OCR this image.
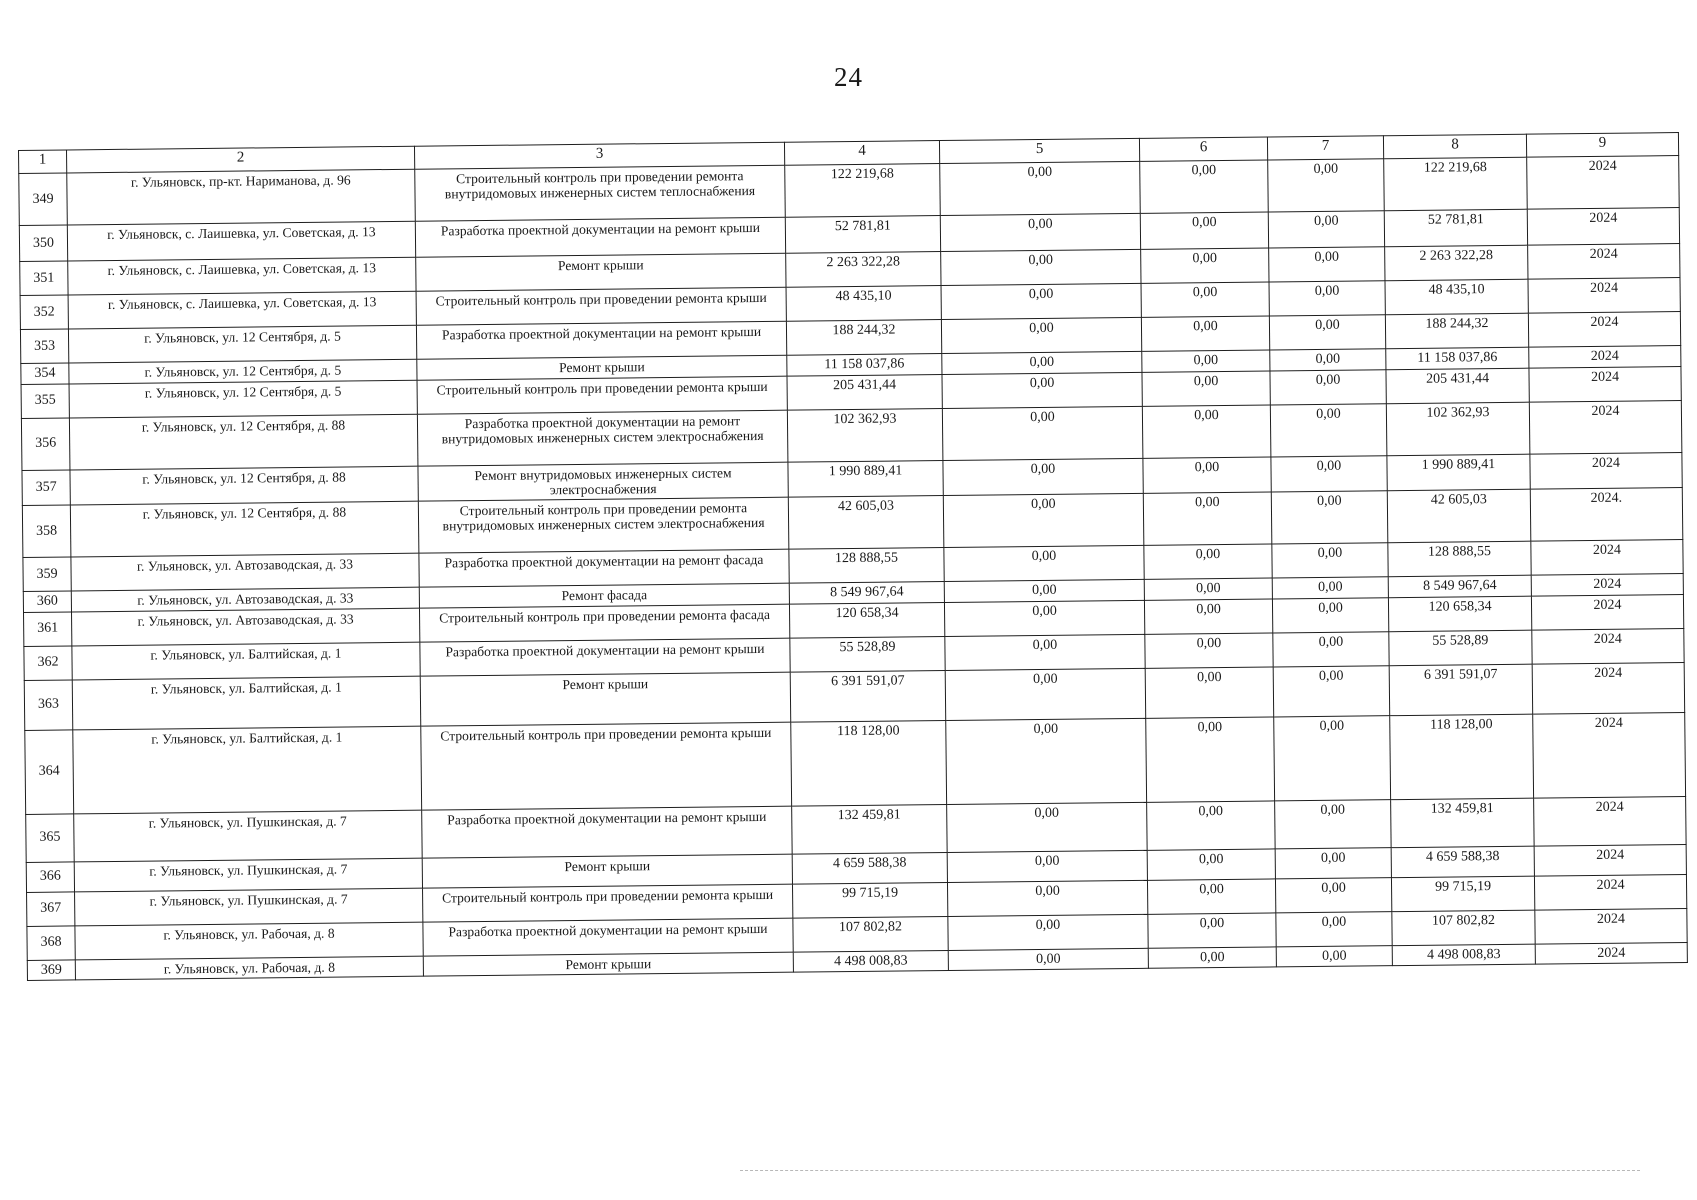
24
1	2	3	4	5	6	7	8	9
349	г. Ульяновск, пр-кт. Нариманова, д. 96	Строительный контроль при проведении ремонта внутридомовых инженерных систем теплоснабжения	122 219,68	0,00	0,00	0,00	122 219,68	2024
350	г. Ульяновск, с. Лаишевка, ул. Советская, д. 13	Разработка проектной документации на ремонт крыши	52 781,81	0,00	0,00	0,00	52 781,81	2024
351	г. Ульяновск, с. Лаишевка, ул. Советская, д. 13	Ремонт крыши	2 263 322,28	0,00	0,00	0,00	2 263 322,28	2024
352	г. Ульяновск, с. Лаишевка, ул. Советская, д. 13	Строительный контроль при проведении ремонта крыши	48 435,10	0,00	0,00	0,00	48 435,10	2024
353	г. Ульяновск, ул. 12 Сентября, д. 5	Разработка проектной документации на ремонт крыши	188 244,32	0,00	0,00	0,00	188 244,32	2024
354	г. Ульяновск, ул. 12 Сентября, д. 5	Ремонт крыши	11 158 037,86	0,00	0,00	0,00	11 158 037,86	2024
355	г. Ульяновск, ул. 12 Сентября, д. 5	Строительный контроль при проведении ремонта крыши	205 431,44	0,00	0,00	0,00	205 431,44	2024
356	г. Ульяновск, ул. 12 Сентября, д. 88	Разработка проектной документации на ремонт внутридомовых инженерных систем электроснабжения	102 362,93	0,00	0,00	0,00	102 362,93	2024
357	г. Ульяновск, ул. 12 Сентября, д. 88	Ремонт внутридомовых инженерных систем электроснабжения	1 990 889,41	0,00	0,00	0,00	1 990 889,41	2024
358	г. Ульяновск, ул. 12 Сентября, д. 88	Строительный контроль при проведении ремонта внутридомовых инженерных систем электроснабжения	42 605,03	0,00	0,00	0,00	42 605,03	2024.
359	г. Ульяновск, ул. Автозаводская, д. 33	Разработка проектной документации на ремонт фасада	128 888,55	0,00	0,00	0,00	128 888,55	2024
360	г. Ульяновск, ул. Автозаводская, д. 33	Ремонт фасада	8 549 967,64	0,00	0,00	0,00	8 549 967,64	2024
361	г. Ульяновск, ул. Автозаводская, д. 33	Строительный контроль при проведении ремонта фасада	120 658,34	0,00	0,00	0,00	120 658,34	2024
362	г. Ульяновск, ул. Балтийская, д. 1	Разработка проектной документации на ремонт крыши	55 528,89	0,00	0,00	0,00	55 528,89	2024
363	г. Ульяновск, ул. Балтийская, д. 1	Ремонт крыши	6 391 591,07	0,00	0,00	0,00	6 391 591,07	2024
364	г. Ульяновск, ул. Балтийская, д. 1	Строительный контроль при проведении ремонта крыши	118 128,00	0,00	0,00	0,00	118 128,00	2024
365	г. Ульяновск, ул. Пушкинская, д. 7	Разработка проектной документации на ремонт крыши	132 459,81	0,00	0,00	0,00	132 459,81	2024
366	г. Ульяновск, ул. Пушкинская, д. 7	Ремонт крыши	4 659 588,38	0,00	0,00	0,00	4 659 588,38	2024
367	г. Ульяновск, ул. Пушкинская, д. 7	Строительный контроль при проведении ремонта крыши	99 715,19	0,00	0,00	0,00	99 715,19	2024
368	г. Ульяновск, ул. Рабочая, д. 8	Разработка проектной документации на ремонт крыши	107 802,82	0,00	0,00	0,00	107 802,82	2024
369	г. Ульяновск, ул. Рабочая, д. 8	Ремонт крыши	4 498 008,83	0,00	0,00	0,00	4 498 008,83	2024
